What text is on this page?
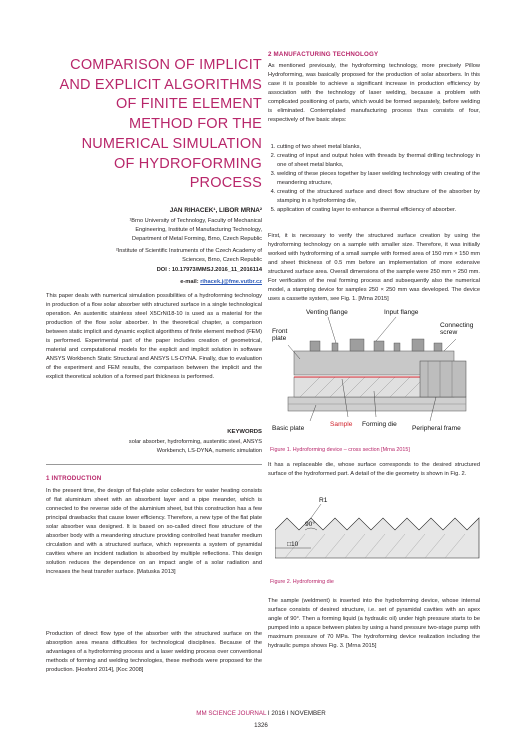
COMPARISON OF IMPLICIT
AND EXPLICIT ALGORITHMS
OF FINITE ELEMENT
METHOD FOR THE
NUMERICAL SIMULATION
OF HYDROFORMING
PROCESS
JAN RIHACEK¹, LIBOR MRNA²
¹Brno University of Technology, Faculty of Mechanical
Engineering, Institute of Manufacturing Technology,
Department of Metal Forming, Brno, Czech Republic
²Institute of Scientific Instruments of the Czech Academy of
Sciences, Brno, Czech Republic
DOI : 10.17973/MMSJ.2016_11_2016114
e-mail: rihacek.j@fme.vutbr.cz
This paper deals with numerical simulation possibilities of a hydroforming technology in production of a flow solar absorber with structured surface in a single technological operation. An austenitic stainless steel X5CrNi18-10 is used as a material for the production of the flow solar absorber. In the theoretical chapter, a comparison between static implicit and dynamic explicit algorithms of finite element method (FEM) is performed. Experimental part of the paper includes creation of geometrical, material and computational models for the explicit and implicit solution in software ANSYS Workbench Static Structural and ANSYS LS-DYNA. Finally, due to evaluation of the experiment and FEM results, the comparison between the implicit and the explicit theoretical solution of a formed part thickness is performed.
KEYWORDS
solar absorber, hydroforming, austenitic steel, ANSYS
Workbench, LS-DYNA, numeric simulation
1 INTRODUCTION
In the present time, the design of flat-plate solar collectors for water heating consists of flat aluminium sheet with an absorbent layer and a pipe meander, which is connected to the reverse side of the aluminium sheet, but this construction has a few principal drawbacks that cause lower efficiency. Therefore, a new type of the flat plate solar absorber was designed. It is based on so-called direct flow structure of the absorber body with a meandering structure providing controlled heat transfer medium circulation and with a structured surface, which represents a system of pyramidal cavities where an incident radiation is absorbed by multiple reflections. This design solution reduces the dependence on an impact angle of a solar radiation and increases the heat transfer surface. [Matuska 2013]
Production of direct flow type of the absorber with the structured surface on the absorption area means difficulties for technological disciplines. Because of the advantages of a hydroforming process and a laser welding process over conventional methods of forming and welding technologies, these methods were proposed for the production. [Hosford 2014], [Koc 2008]
2 MANUFACTURING TECHNOLOGY
As mentioned previously, the hydroforming technology, more precisely Pillow Hydroforming, was basically proposed for the production of solar absorbers. In this case it is possible to achieve a significant increase in production efficiency by association with the technology of laser welding, because a problem with complicated positioning of parts, which would be formed separately, before welding is eliminated. Contemplated manufacturing process thus consists of four, respectively of five basic steps:
1. cutting of two sheet metal blanks,
2. creating of input and output holes with threads by thermal drilling technology in one of sheet metal blanks,
3. welding of these pieces together by laser welding technology with creating of the meandering structure,
4. creating of the structured surface and direct flow structure of the absorber by stamping in a hydroforming die,
5. application of coating layer to enhance a thermal efficiency of absorber.
First, it is necessary to verify the structured surface creation by using the hydroforming technology on a sample with smaller size. Therefore, it was initially worked with hydroforming of a small sample with formed area of 150 mm × 150 mm and sheet thickness of 0.5 mm before an implementation of more extensive structured surface area. Overall dimensions of the sample were 250 mm × 250 mm. For verification of the real forming process and subsequently also the numerical model, a stamping device for samples 250 × 250 mm was developed. The device uses a cassette system, see Fig. 1. [Mrna 2015]
Venting flange	Input flange
Front plate
Connecting screw
Sample Forming die
Basic plate	Peripheral frame
Figure 1. Hydroforming device – cross section [Mrna 2015]
It has a replaceable die, whose surface corresponds to the desired structured surface of the hydroformed part. A detail of the die geometry is shown in Fig. 2.
R1
90°
□10
Figure 2. Hydroforming die
The sample (weldment) is inserted into the hydroforming device, whose internal surface consists of desired structure, i.e. set of pyramidal cavities with an apex angle of 90°. Then a forming liquid (a hydraulic oil) under high pressure starts to be pumped into a space between plates by using a hand pressure two-stage pump with maximum pressure of 70 MPa. The hydroforming device realization including the hydraulic pumps shows Fig. 3. [Mrna 2015]
MM SCIENCE JOURNAL I 2016 I NOVEMBER
1326
